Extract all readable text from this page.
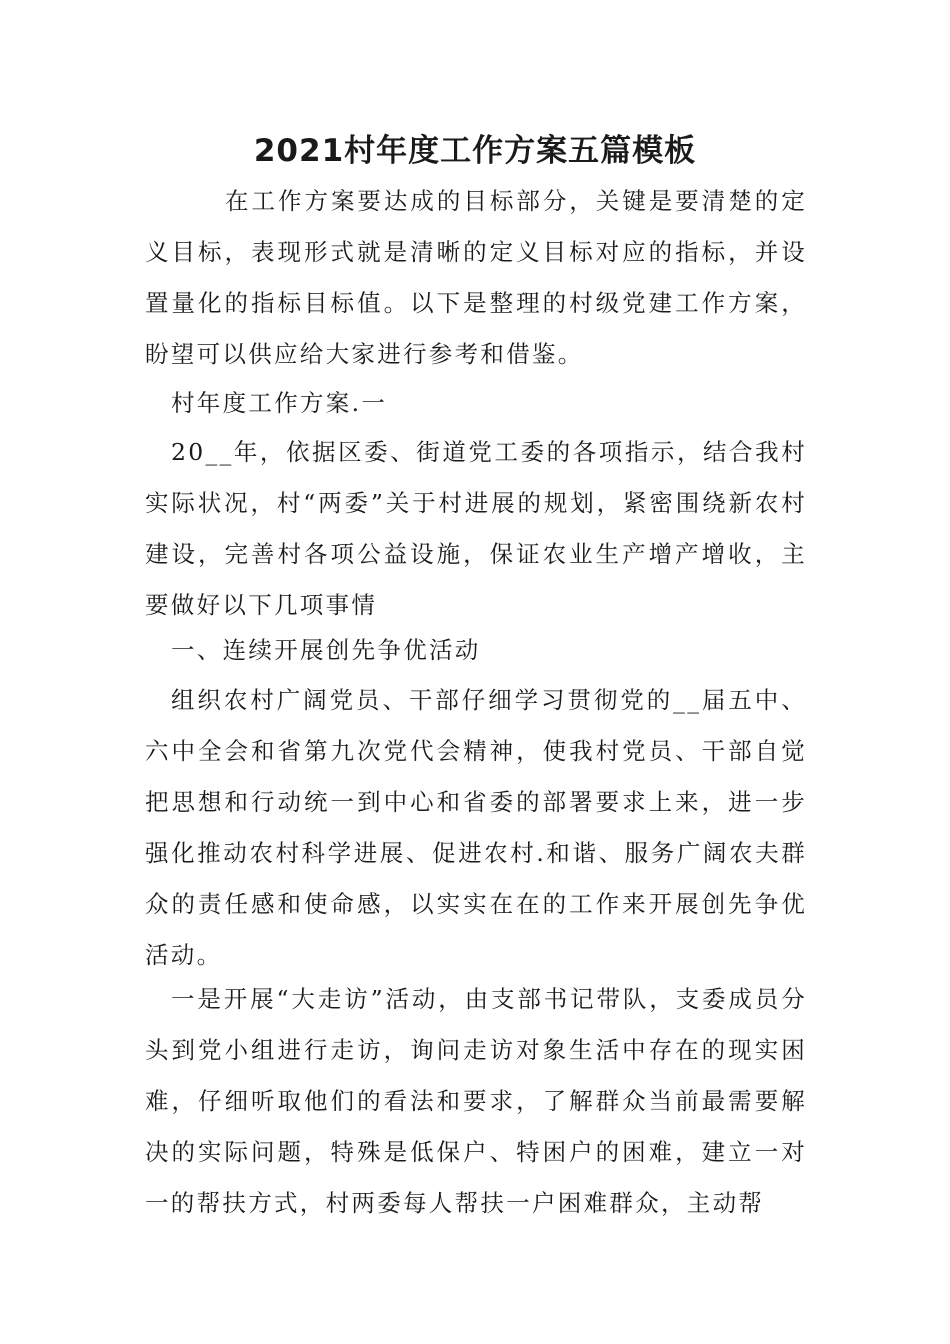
2021村年度工作方案五篇模板

在工作方案要达成的目标部分，关键是要清楚的定义目标，表现形式就是清晰的定义目标对应的指标，并设置量化的指标目标值。以下是整理的村级党建工作方案，盼望可以供应给大家进行参考和借鉴。

村年度工作方案.一

20__年，依据区委、街道党工委的各项指示，结合我村实际状况，村“两委”关于村进展的规划，紧密围绕新农村建设，完善村各项公益设施，保证农业生产增产增收，主要做好以下几项事情

一、连续开展创先争优活动

组织农村广阔党员、干部仔细学习贯彻党的__届五中、六中全会和省第九次党代会精神，使我村党员、干部自觉把思想和行动统一到中心和省委的部署要求上来，进一步强化推动农村科学进展、促进农村.和谐、服务广阔农夫群众的责任感和使命感，以实实在在的工作来开展创先争优活动。

一是开展“大走访”活动，由支部书记带队，支委成员分头到党小组进行走访，询问走访对象生活中存在的现实困难，仔细听取他们的看法和要求，了解群众当前最需要解决的实际问题，特殊是低保户、特困户的困难，建立一对一的帮扶方式，村两委每人帮扶一户困难群众，主动帮
